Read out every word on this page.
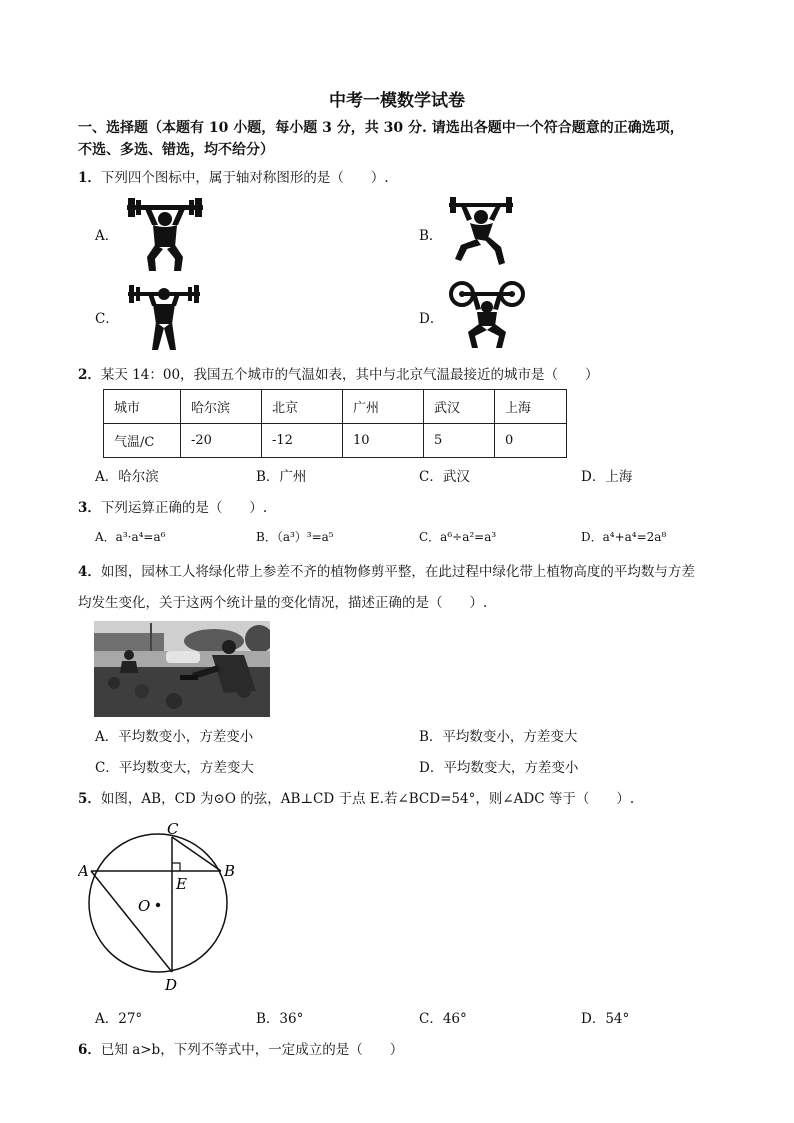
中考一模数学试卷
一、选择题（本题有 10 小题，每小题 3 分，共 30 分. 请选出各题中一个符合题意的正确选项，
不选、多选、错选，均不给分）
1．下列四个图标中，属于轴对称图形的是（　　）.
A．	B．
C．	D．
2．某天 14：00，我国五个城市的气温如表，其中与北京气温最接近的城市是（　　）
城市	哈尔滨	北京	广州	武汉	上海
气温/C	-20	-12	10	5	0
A．哈尔滨	B．广州	C．武汉	D．上海
3．下列运算正确的是（　　）.
A．a³·a⁴=a⁶	B．（a³）³=a⁵	C．a⁶÷a²=a³	D．a⁴+a⁴=2a⁸
4．如图，园林工人将绿化带上参差不齐的植物修剪平整，在此过程中绿化带上植物高度的平均数与方差
均发生变化，关于这两个统计量的变化情况，描述正确的是（　　）.
A．平均数变小，方差变小	B．平均数变小，方差变大
C．平均数变大，方差变大	D．平均数变大，方差变小
5．如图，AB，CD 为⊙O 的弦，AB⊥CD 于点 E.若∠BCD=54°，则∠ADC 等于（　　）.
A	B
C
D
E
O
A．27°	B．36°	C．46°	D．54°
6．已知 a>b，下列不等式中，一定成立的是（　　）
